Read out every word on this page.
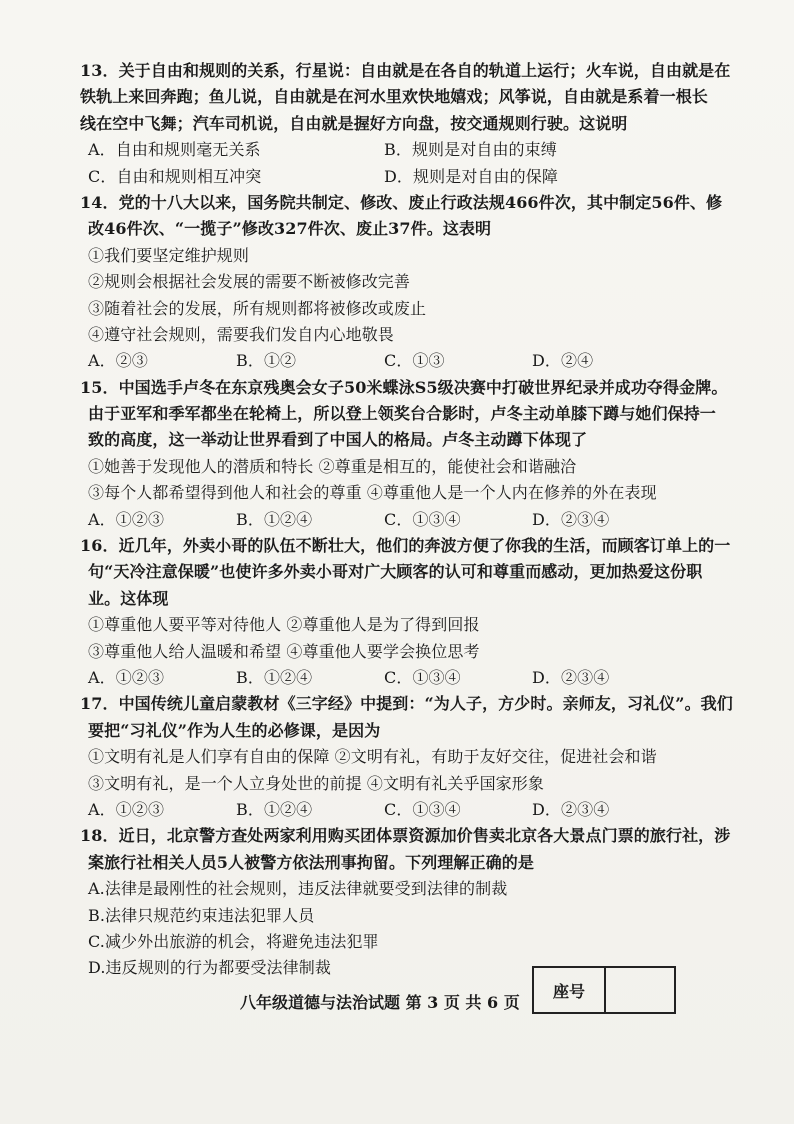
13．关于自由和规则的关系，行星说：自由就是在各自的轨道上运行；火车说，自由就是在
铁轨上来回奔跑；鱼儿说，自由就是在河水里欢快地嬉戏；风筝说，自由就是系着一根长
线在空中飞舞；汽车司机说，自由就是握好方向盘，按交通规则行驶。这说明
A．自由和规则毫无关系	B．规则是对自由的束缚
C．自由和规则相互冲突	D．规则是对自由的保障
14．党的十八大以来，国务院共制定、修改、废止行政法规466件次，其中制定56件、修
改46件次、“一揽子”修改327件次、废止37件。这表明
①我们要坚定维护规则
②规则会根据社会发展的需要不断被修改完善
③随着社会的发展，所有规则都将被修改或废止
④遵守社会规则，需要我们发自内心地敬畏
A．②③	B．①②	C．①③	D．②④
15．中国选手卢冬在东京残奥会女子50米蝶泳S5级决赛中打破世界纪录并成功夺得金牌。
由于亚军和季军都坐在轮椅上，所以登上领奖台合影时，卢冬主动单膝下蹲与她们保持一
致的高度，这一举动让世界看到了中国人的格局。卢冬主动蹲下体现了
①她善于发现他人的潜质和特长 ②尊重是相互的，能使社会和谐融洽
③每个人都希望得到他人和社会的尊重 ④尊重他人是一个人内在修养的外在表现
A．①②③	B．①②④	C．①③④	D．②③④
16．近几年，外卖小哥的队伍不断壮大，他们的奔波方便了你我的生活，而顾客订单上的一
句“天冷注意保暖”也使许多外卖小哥对广大顾客的认可和尊重而感动，更加热爱这份职
业。这体现
①尊重他人要平等对待他人 ②尊重他人是为了得到回报
③尊重他人给人温暖和希望 ④尊重他人要学会换位思考
A．①②③	B．①②④	C．①③④	D．②③④
17．中国传统儿童启蒙教材《三字经》中提到：“为人子，方少时。亲师友，习礼仪”。我们
要把“习礼仪”作为人生的必修课，是因为
①文明有礼是人们享有自由的保障 ②文明有礼，有助于友好交往，促进社会和谐
③文明有礼，是一个人立身处世的前提 ④文明有礼关乎国家形象
A．①②③	B．①②④	C．①③④	D．②③④
18．近日，北京警方查处两家利用购买团体票资源加价售卖北京各大景点门票的旅行社，涉
案旅行社相关人员5人被警方依法刑事拘留。下列理解正确的是
A.法律是最刚性的社会规则，违反法律就要受到法律的制裁
B.法律只规范约束违法犯罪人员
C.减少外出旅游的机会，将避免违法犯罪
D.违反规则的行为都要受法律制裁
座号
八年级道德与法治试题 第 3 页 共 6 页
